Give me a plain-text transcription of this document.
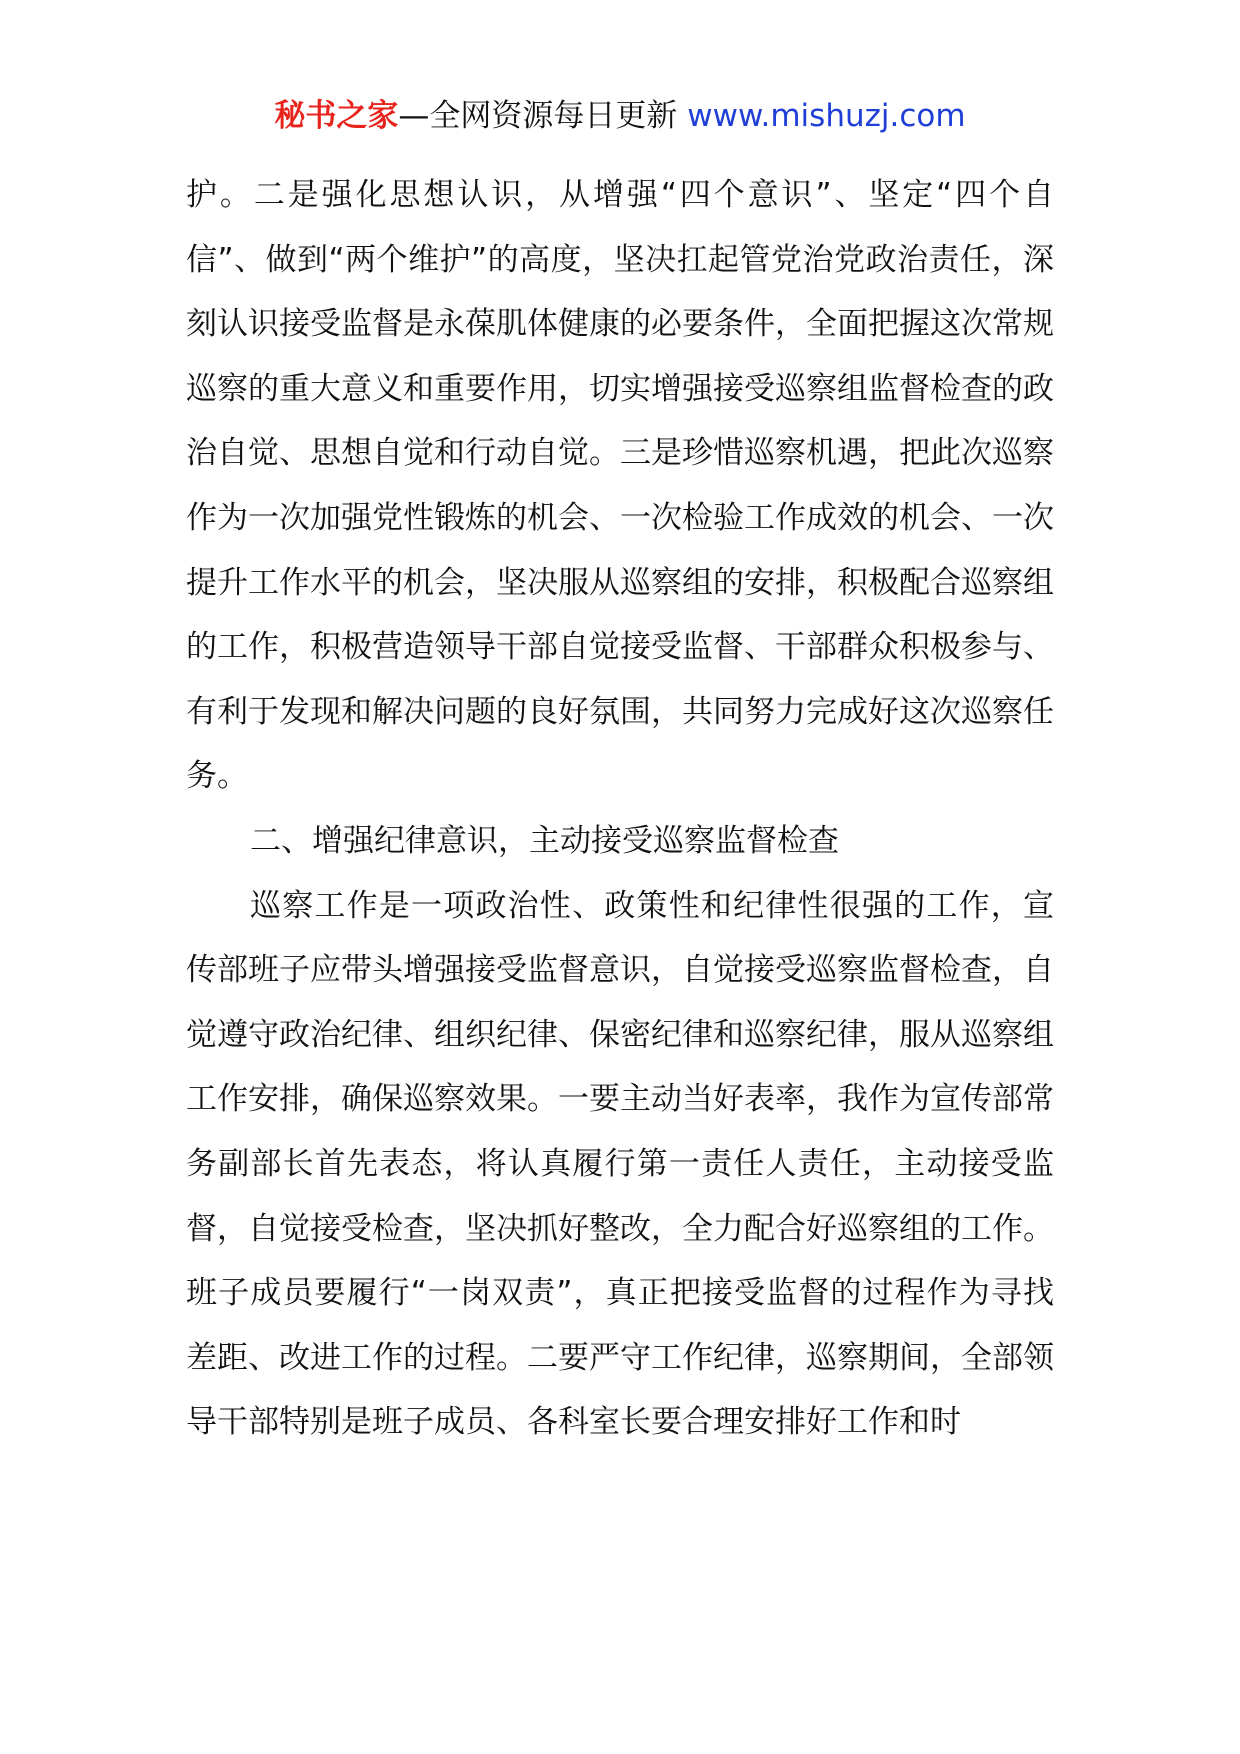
秘书之家—全网资源每日更新 www.mishuzj.com

护。二是强化思想认识，从增强“四个意识”、坚定“四个自信”、做到“两个维护”的高度，坚决扛起管党治党政治责任，深刻认识接受监督是永葆肌体健康的必要条件，全面把握这次常规巡察的重大意义和重要作用，切实增强接受巡察组监督检查的政治自觉、思想自觉和行动自觉。三是珍惜巡察机遇，把此次巡察作为一次加强党性锻炼的机会、一次检验工作成效的机会、一次提升工作水平的机会，坚决服从巡察组的安排，积极配合巡察组的工作，积极营造领导干部自觉接受监督、干部群众积极参与、有利于发现和解决问题的良好氛围，共同努力完成好这次巡察任务。

二、增强纪律意识，主动接受巡察监督检查

巡察工作是一项政治性、政策性和纪律性很强的工作，宣传部班子应带头增强接受监督意识，自觉接受巡察监督检查，自觉遵守政治纪律、组织纪律、保密纪律和巡察纪律，服从巡察组工作安排，确保巡察效果。一要主动当好表率，我作为宣传部常务副部长首先表态，将认真履行第一责任人责任，主动接受监督，自觉接受检查，坚决抓好整改，全力配合好巡察组的工作。班子成员要履行“一岗双责”，真正把接受监督的过程作为寻找差距、改进工作的过程。二要严守工作纪律，巡察期间，全部领导干部特别是班子成员、各科室长要合理安排好工作和时
